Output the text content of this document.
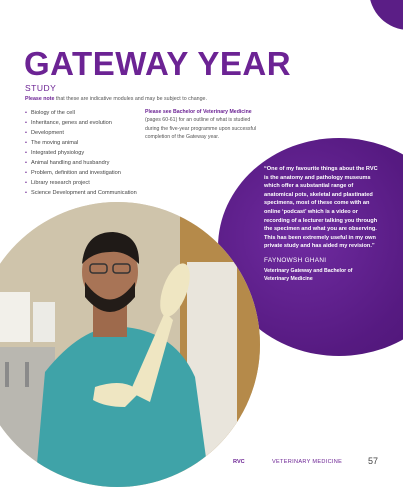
GATEWAY YEAR
STUDY
Please note that these are indicative modules and may be subject to change.
• Biology of the cell
• Inheritance, genes and evolution
• Development
• The moving animal
• Integrated physiology
• Animal handling and husbandry
• Problem, definition and investigation
• Library research project
• Science Development and Communication
Please see Bachelor of Veterinary Medicine (pages 60-61) for an outline of what is studied during the five-year programme upon successful completion of the Gateway year.
“One of my favourite things about the RVC is the anatomy and pathology museums which offer a substantial range of anatomical pots, skeletal and plastinated specimens, most of these come with an online ‘podcast’ which is a video or recording of a lecturer talking you through the specimen and what you are observing. This has been extremely useful in my own private study and has aided my revision.”
FAYNOWSH GHANI
Veterinary Gateway and Bachelor of Veterinary Medicine
RVC	VETERINARY MEDICINE	57
